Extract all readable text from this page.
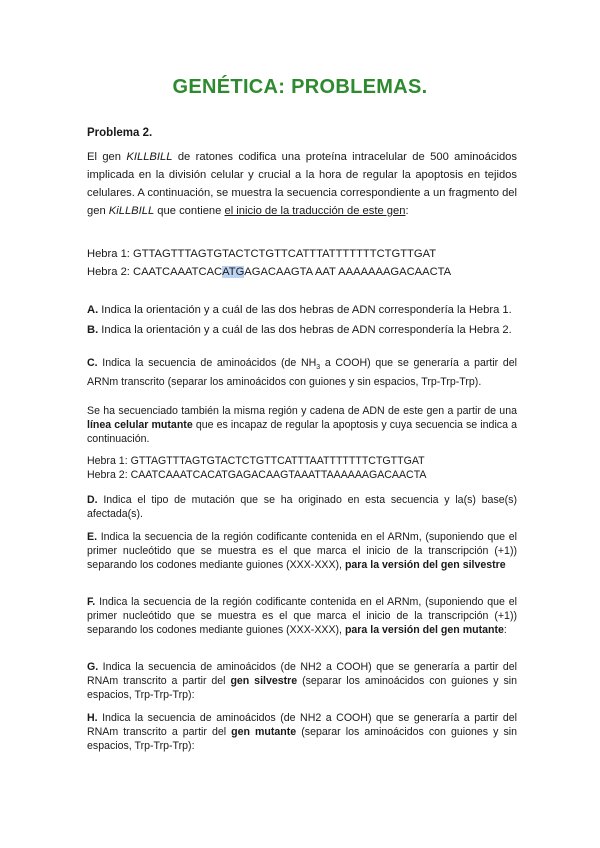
GENÉTICA: PROBLEMAS.
Problema 2.
El gen KILLBILL de ratones codifica una proteína intracelular de 500 aminoácidos implicada en la división celular y crucial a la hora de regular la apoptosis en tejidos celulares. A continuación, se muestra la secuencia correspondiente a un fragmento del gen KiLLBILL que contiene el inicio de la traducción de este gen:
Hebra 1: GTTAGTTTAGTGTACTCTGTTCATTTATTTTTTTCTGTTGAT
Hebra 2: CAATCAAATCACATGAGACAAGTA AAT AAAAAAAGACAACTA
A. Indica la orientación y a cuál de las dos hebras de ADN correspondería la Hebra 1.
B. Indica la orientación y a cuál de las dos hebras de ADN correspondería la Hebra 2.
C. Indica la secuencia de aminoácidos (de $NH_3$ a COOH) que se generaría a partir del ARNm transcrito (separar los aminoácidos con guiones y sin espacios, Trp-Trp-Trp).
Se ha secuenciado también la misma región y cadena de ADN de este gen a partir de una línea celular mutante que es incapaz de regular la apoptosis y cuya secuencia se indica a continuación.
Hebra 1: GTTAGTTTAGTGTACTCTGTTCATTTAATTTTTTTCTGTTGAT
Hebra 2: CAATCAAATCACATGAGACAAGTAAATTAAAAAAGACAACTA
D. Indica el tipo de mutación que se ha originado en esta secuencia y la(s) base(s) afectada(s).
E. Indica la secuencia de la región codificante contenida en el ARNm, (suponiendo que el primer nucleótido que se muestra es el que marca el inicio de la transcripción (+1)) separando los codones mediante guiones (XXX-XXX), para la versión del gen silvestre
F. Indica la secuencia de la región codificante contenida en el ARNm, (suponiendo que el primer nucleótido que se muestra es el que marca el inicio de la transcripción (+1)) separando los codones mediante guiones (XXX-XXX), para la versión del gen mutante:
G. Indica la secuencia de aminoácidos (de NH2 a COOH) que se generaría a partir del RNAm transcrito a partir del gen silvestre (separar los aminoácidos con guiones y sin espacios, Trp-Trp-Trp):
H. Indica la secuencia de aminoácidos (de NH2 a COOH) que se generaría a partir del RNAm transcrito a partir del gen mutante (separar los aminoácidos con guiones y sin espacios, Trp-Trp-Trp):
